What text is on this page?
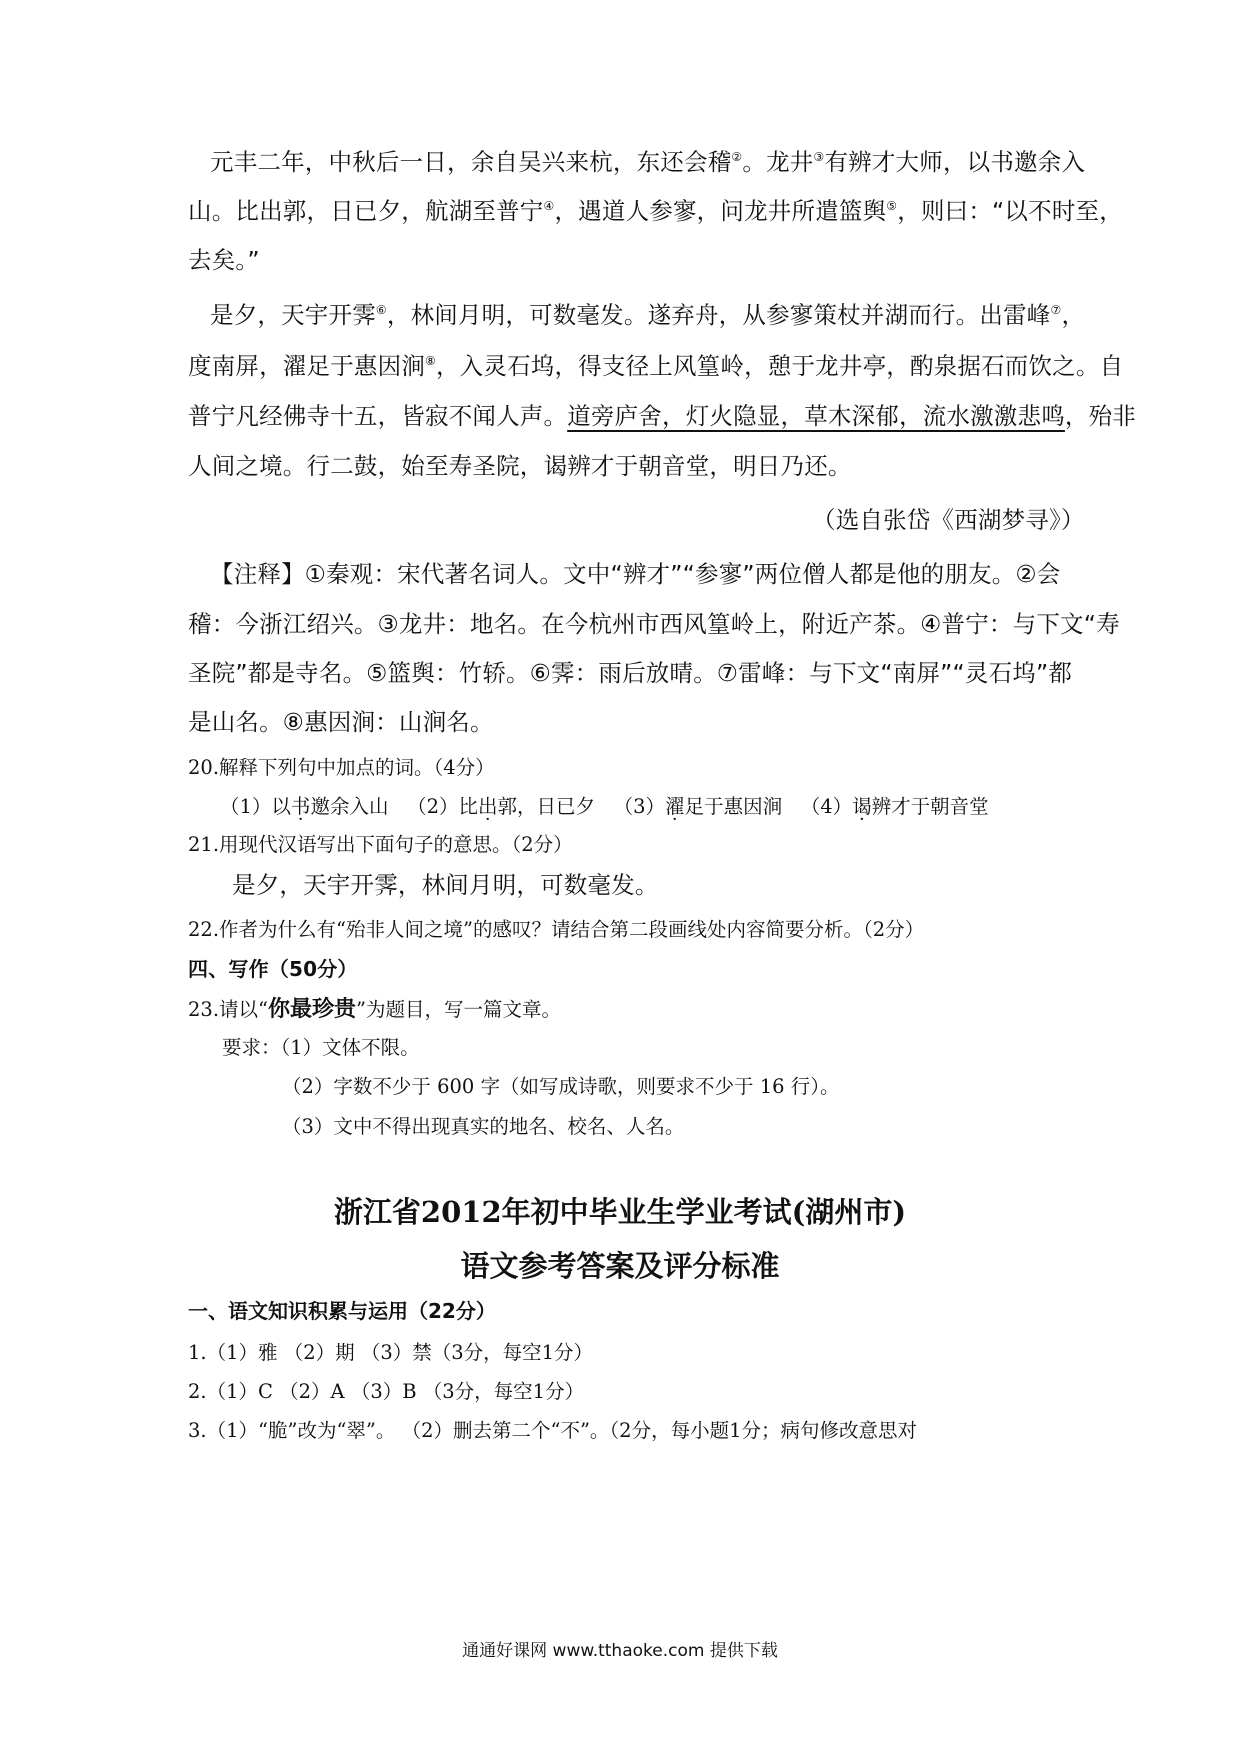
元丰二年，中秋后一日，余自吴兴来杭，东还会稽②。龙井③有辨才大师，以书邀余入
山。比出郭，日已夕，航湖至普宁④，遇道人参寥，问龙井所遣篮舆⑤，则曰：“以不时至，
去矣。”
是夕，天宇开霁⑥，林间月明，可数毫发。遂弃舟，从参寥策杖并湖而行。出雷峰⑦，
度南屏，濯足于惠因涧⑧，入灵石坞，得支径上风篁岭，憩于龙井亭，酌泉据石而饮之。自
普宁凡经佛寺十五，皆寂不闻人声。道旁庐舍，灯火隐显，草木深郁，流水激激悲鸣，殆非
人间之境。行二鼓，始至寿圣院，谒辨才于朝音堂，明日乃还。
（选自张岱《西湖梦寻》）
【注释】①秦观：宋代著名词人。文中“辨才”“参寥”两位僧人都是他的朋友。②会
稽：今浙江绍兴。③龙井：地名。在今杭州市西风篁岭上，附近产茶。④普宁：与下文“寿
圣院”都是寺名。⑤篮舆：竹轿。⑥霁：雨后放晴。⑦雷峰：与下文“南屏”“灵石坞”都
是山名。⑧惠因涧：山涧名。
20.解释下列句中加点的词。（4分）
（1）以书邀余入山 （2）比出郭，日已夕 （3）濯足于惠因涧 （4）谒辨才于朝音堂
21.用现代汉语写出下面句子的意思。（2分）
是夕，天宇开霁，林间月明，可数毫发。
22.作者为什么有“殆非人间之境”的感叹？请结合第二段画线处内容简要分析。（2分）
四、写作（50分）
23.请以“你最珍贵”为题目，写一篇文章。
要求：（1）文体不限。
（2）字数不少于 600 字（如写成诗歌，则要求不少于 16 行）。
（3）文中不得出现真实的地名、校名、人名。
浙江省2012年初中毕业生学业考试(湖州市)
语文参考答案及评分标准
一、语文知识积累与运用（22分）
1.（1）雅 （2）期 （3）禁（3分，每空1分）
2.（1）C （2）A （3）B （3分，每空1分）
3.（1）“脆”改为“翠”。 （2）删去第二个“不”。（2分，每小题1分；病句修改意思对
通通好课网 www.tthaoke.com 提供下载
